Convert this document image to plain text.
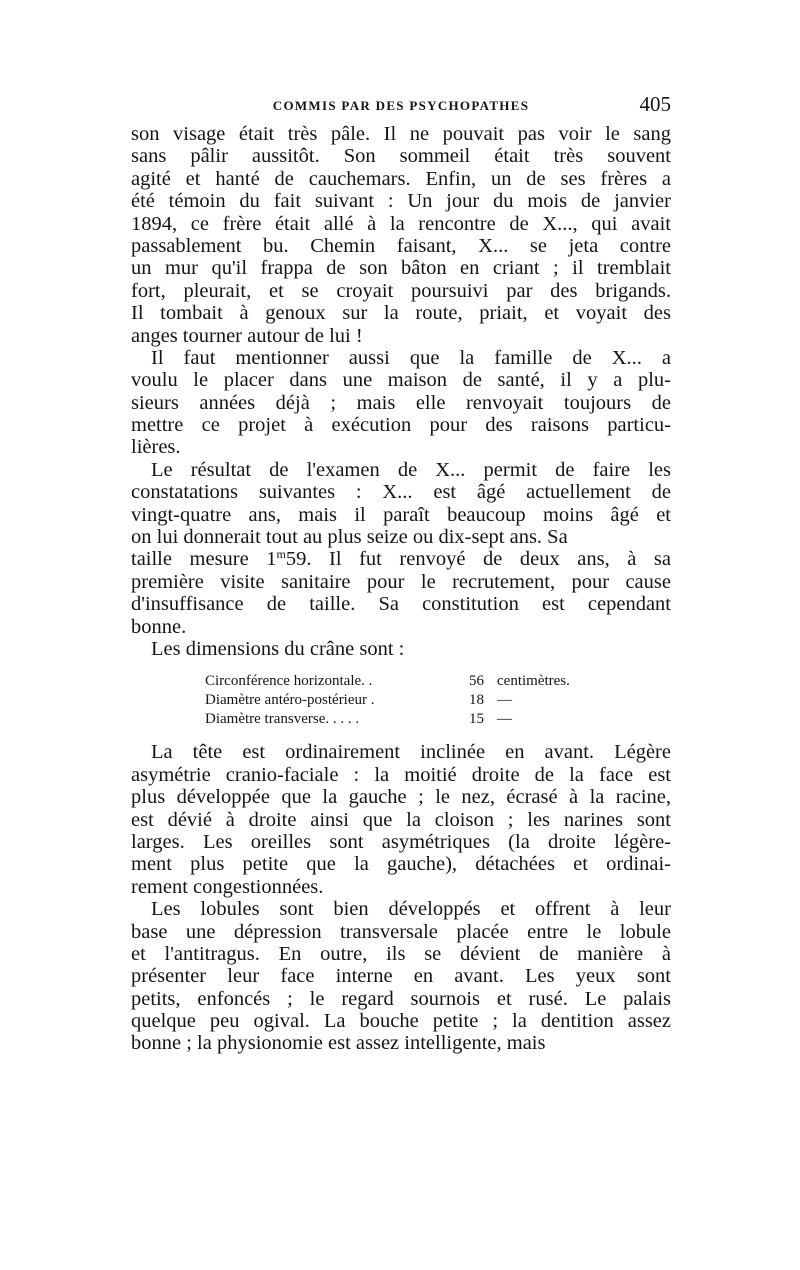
COMMIS PAR DES PSYCHOPATHES	405
son visage était très pâle. Il ne pouvait pas voir le sang
sans pâlir aussitôt. Son sommeil était très souvent
agité et hanté de cauchemars. Enfin, un de ses frères a
été témoin du fait suivant : Un jour du mois de janvier
1894, ce frère était allé à la rencontre de X..., qui avait
passablement bu. Chemin faisant, X... se jeta contre
un mur qu'il frappa de son bâton en criant ; il tremblait
fort, pleurait, et se croyait poursuivi par des brigands.
Il tombait à genoux sur la route, priait, et voyait des
anges tourner autour de lui !
Il faut mentionner aussi que la famille de X... a
voulu le placer dans une maison de santé, il y a plu-
sieurs années déjà ; mais elle renvoyait toujours de
mettre ce projet à exécution pour des raisons particu-
lières.
Le résultat de l'examen de X... permit de faire les
constatations suivantes : X... est âgé actuellement de
vingt-quatre ans, mais il paraît beaucoup moins âgé et
on lui donnerait tout au plus seize ou dix-sept ans. Sa
taille mesure 1$^m$59. Il fut renvoyé de deux ans, à sa
première visite sanitaire pour le recrutement, pour cause
d'insuffisance de taille. Sa constitution est cependant
bonne.
Les dimensions du crâne sont :
Circonférence horizontale. .	56 centimètres.
Diamètre antéro-postérieur .	18 —
Diamètre transverse. . . . .	15 —
La tête est ordinairement inclinée en avant. Légère
asymétrie cranio-faciale : la moitié droite de la face est
plus développée que la gauche ; le nez, écrasé à la racine,
est dévié à droite ainsi que la cloison ; les narines sont
larges. Les oreilles sont asymétriques (la droite légère-
ment plus petite que la gauche), détachées et ordinai-
rement congestionnées.
Les lobules sont bien développés et offrent à leur
base une dépression transversale placée entre le lobule
et l'antitragus. En outre, ils se dévient de manière à
présenter leur face interne en avant. Les yeux sont
petits, enfoncés ; le regard sournois et rusé. Le palais
quelque peu ogival. La bouche petite ; la dentition assez
bonne ; la physionomie est assez intelligente, mais
